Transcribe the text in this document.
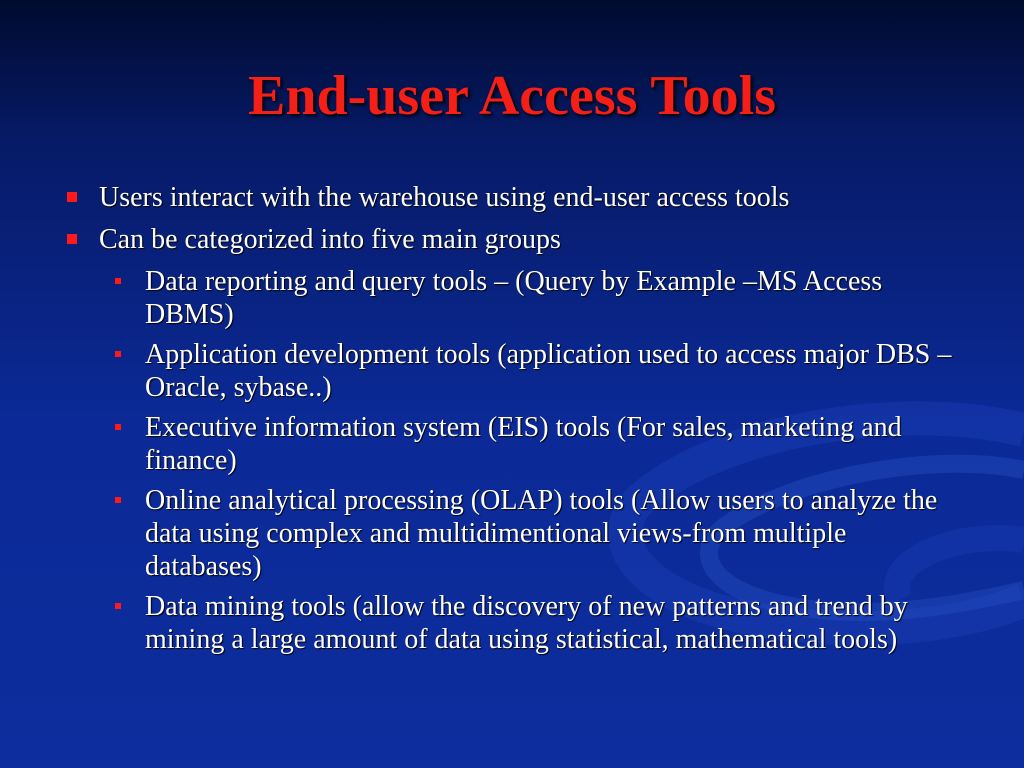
End-user Access Tools
Users interact with the warehouse using end-user access tools
Can be categorized into five main groups
Data reporting and query tools – (Query by Example –MS Access DBMS)
Application development tools (application used to access major DBS –Oracle, sybase..)
Executive information system (EIS) tools (For sales, marketing and finance)
Online analytical processing (OLAP) tools (Allow users to analyze the data using complex and multidimentional views-from multiple databases)
Data mining tools (allow the discovery of new patterns and trend by mining a large amount of data using statistical, mathematical tools)
